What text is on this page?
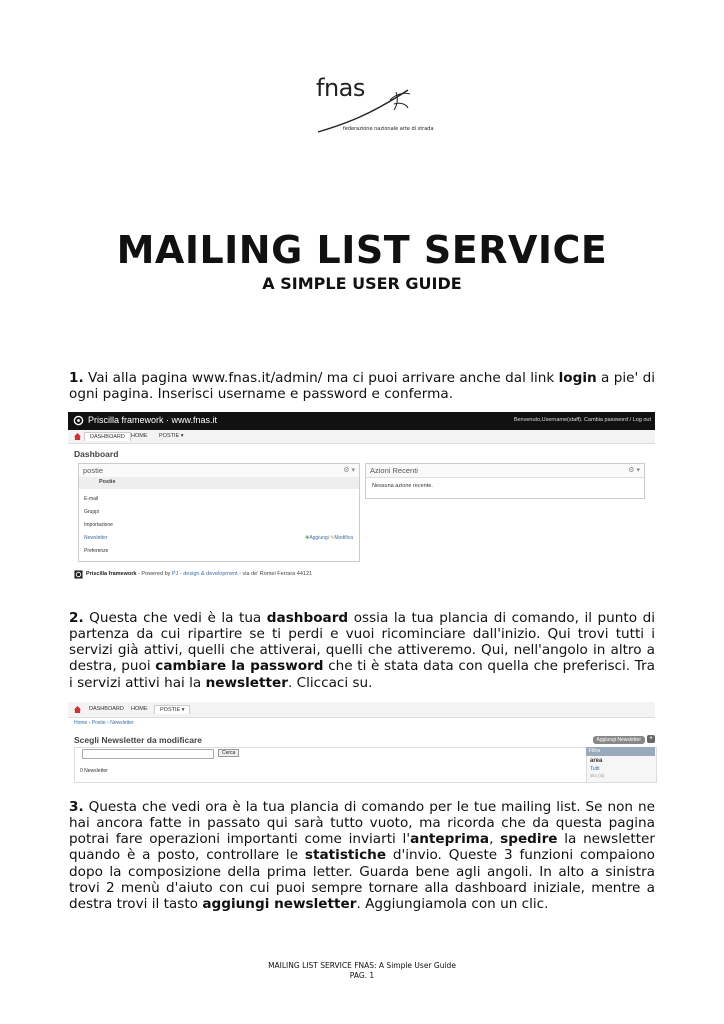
fnas
federazione nazionale arte di strada
MAILING LIST SERVICE
A SIMPLE USER GUIDE

1. Vai alla pagina www.fnas.it/admin/ ma ci puoi arrivare anche dal link login a pie' di ogni pagina. Inserisci username e password e conferma.

Priscilla framework · www.fnas.it	Benvenuto,Username(staff). Cambia password / Log out
DASHBOARD	HOME	POSTIE ▾
Dashboard
postie	⚙ ▾
Postie
E-mail
Gruppi
Importazione
Newsletter	✚Aggiungi ✎Modifica
Preferenze
Azioni Recenti	⚙ ▾
Nessuna azione recente.
Priscilla framework - Powered by PJ - design & development - via de' Romei Ferrara 44121

2. Questa che vedi è la tua dashboard ossia la tua plancia di comando, il punto di partenza da cui ripartire se ti perdi e vuoi ricominciare dall'inizio. Qui trovi tutti i servizi già attivi, quelli che attiverai, quelli che attiveremo. Qui, nell'angolo in altro a destra, puoi cambiare la password che ti è stata data con quella che preferisci. Tra i servizi attivi hai la newsletter. Cliccaci su.

DASHBOARD	HOME	POSTIE ▾
Home › Postie › Newsletter
Scegli Newsletter da modificare	Aggiungi Newsletter	+
Cerca
0 Newsletter
Filtra
area
Tutti
sito (si)

3. Questa che vedi ora è la tua plancia di comando per le tue mailing list. Se non ne hai ancora fatte in passato qui sarà tutto vuoto, ma ricorda che da questa pagina potrai fare operazioni importanti come inviarti l'anteprima, spedire la newsletter quando è a posto, controllare le statistiche d'invio. Queste 3 funzioni compaiono dopo la composizione della prima letter. Guarda bene agli angoli. In alto a sinistra trovi 2 menù d'aiuto con cui puoi sempre tornare alla dashboard iniziale, mentre a destra trovi il tasto aggiungi newsletter. Aggiungiamola con un clic.

MAILING LIST SERVICE FNAS: A Simple User Guide
PAG. 1
